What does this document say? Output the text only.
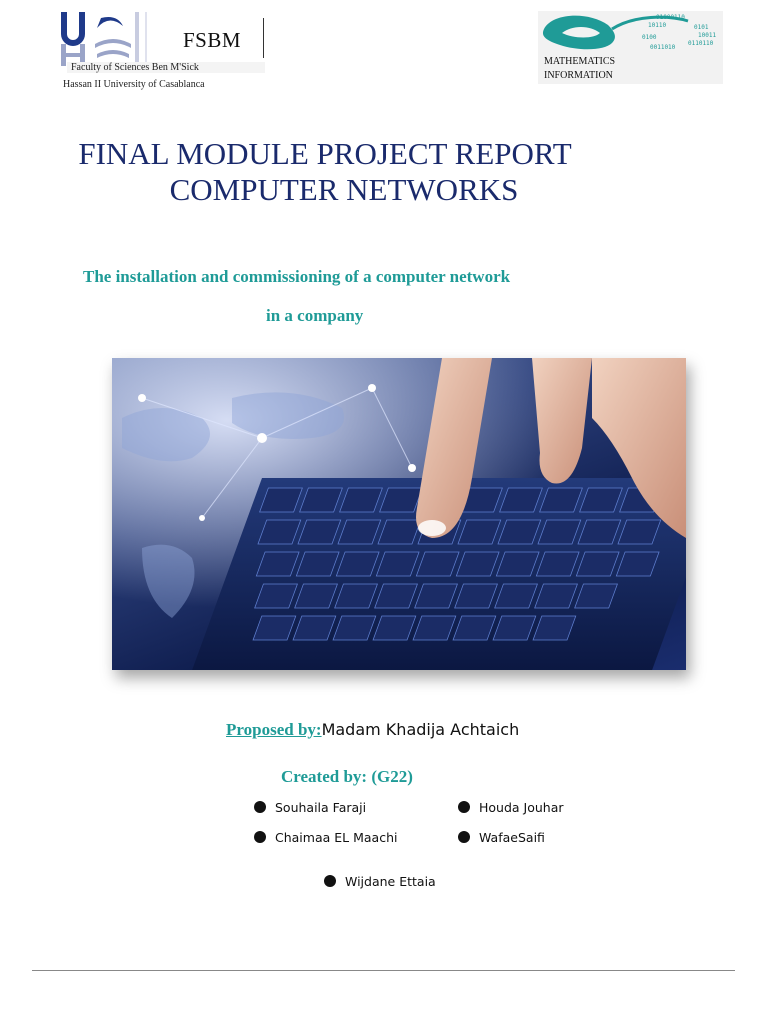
FSBM
Faculty of Sciences Ben M'Sick
Hassan II University of Casablanca
01000110
10110	0101
10011
0110110
0011010
0100
MATHEMATICS
INFORMATION
FINAL MODULE PROJECT REPORT
COMPUTER NETWORKS
The installation and commissioning of a computer network
in a company
Proposed by:Madam Khadija Achtaich
Created by: (G22)
Souhaila Faraji	Houda Jouhar
Chaimaa EL Maachi	WafaeSaifi
Wijdane Ettaia
